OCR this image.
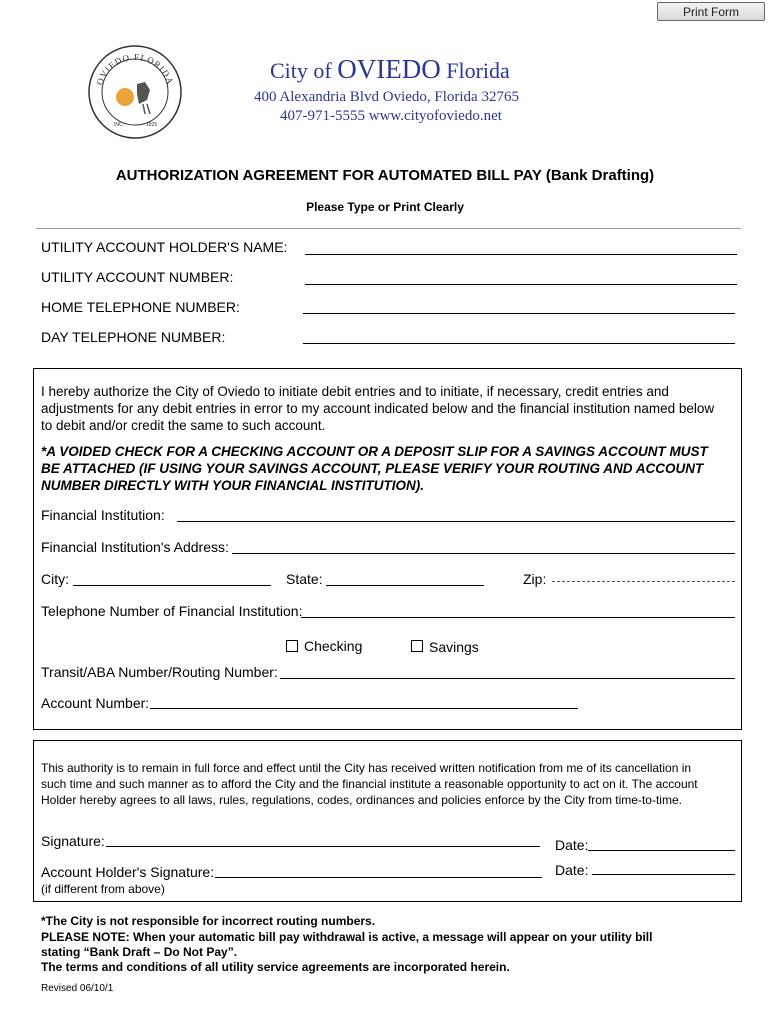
Print Form
OVIEDO FLORIDA
INC.	1925
City of OVIEDO Florida
400 Alexandria Blvd Oviedo, Florida 32765
407-971-5555 www.cityofoviedo.net
AUTHORIZATION AGREEMENT FOR AUTOMATED BILL PAY (Bank Drafting)
Please Type or Print Clearly
UTILITY ACCOUNT HOLDER'S NAME:
UTILITY ACCOUNT NUMBER:
HOME TELEPHONE NUMBER:
DAY TELEPHONE NUMBER:
I hereby authorize the City of Oviedo to initiate debit entries and to initiate, if necessary, credit entries and
adjustments for any debit entries in error to my account indicated below and the financial institution named below
to debit and/or credit the same to such account.
*A VOIDED CHECK FOR A CHECKING ACCOUNT OR A DEPOSIT SLIP FOR A SAVINGS ACCOUNT MUST
BE ATTACHED (IF USING YOUR SAVINGS ACCOUNT, PLEASE VERIFY YOUR ROUTING AND ACCOUNT
NUMBER DIRECTLY WITH YOUR FINANCIAL INSTITUTION).
Financial Institution:
Financial Institution's Address:
City:	State:	Zip:
Telephone Number of Financial Institution:
Checking	Savings
Transit/ABA Number/Routing Number:
Account Number:
This authority is to remain in full force and effect until the City has received written notification from me of its cancellation in
such time and such manner as to afford the City and the financial institute a reasonable opportunity to act on it. The account
Holder hereby agrees to all laws, rules, regulations, codes, ordinances and policies enforce by the City from time-to-time.
Signature:	Date:
Account Holder's Signature:	Date:
(if different from above)
*The City is not responsible for incorrect routing numbers.
PLEASE NOTE: When your automatic bill pay withdrawal is active, a message will appear on your utility bill
stating “Bank Draft – Do Not Pay”.
The terms and conditions of all utility service agreements are incorporated herein.
Revised 06/10/1
